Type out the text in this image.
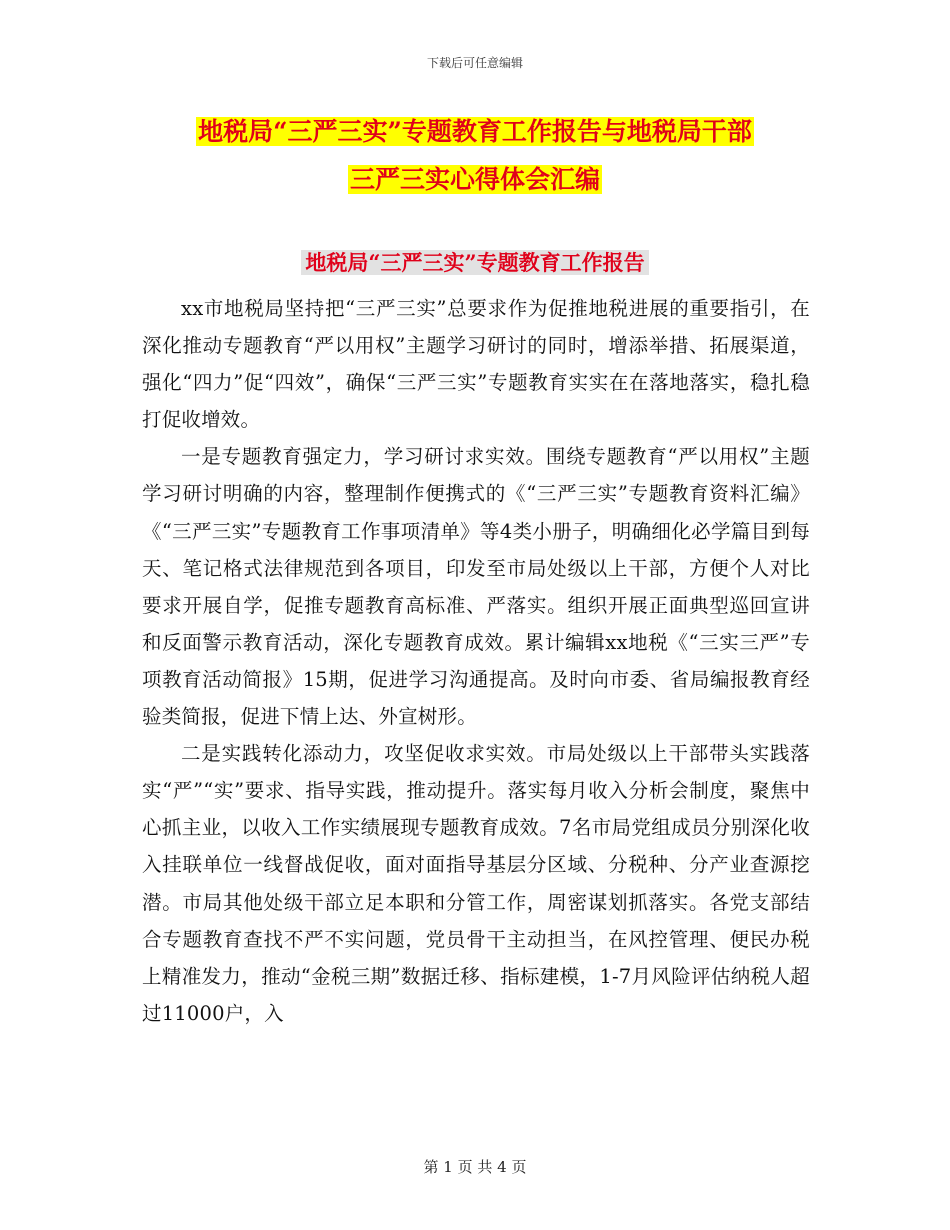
下载后可任意编辑
地税局“三严三实”专题教育工作报告与地税局干部
三严三实心得体会汇编
地税局“三严三实”专题教育工作报告

xx市地税局坚持把“三严三实”总要求作为促推地税进展的重要指引，在深化推动专题教育“严以用权”主题学习研讨的同时，增添举措、拓展渠道，强化“四力”促“四效”，确保“三严三实”专题教育实实在在落地落实，稳扎稳打促收增效。

一是专题教育强定力，学习研讨求实效。围绕专题教育“严以用权”主题学习研讨明确的内容，整理制作便携式的《“三严三实”专题教育资料汇编》《“三严三实”专题教育工作事项清单》等4类小册子，明确细化必学篇目到每天、笔记格式法律规范到各项目，印发至市局处级以上干部，方便个人对比要求开展自学，促推专题教育高标准、严落实。组织开展正面典型巡回宣讲和反面警示教育活动，深化专题教育成效。累计编辑xx地税《“三实三严”专项教育活动简报》15期，促进学习沟通提高。及时向市委、省局编报教育经验类简报，促进下情上达、外宣树形。

二是实践转化添动力，攻坚促收求实效。市局处级以上干部带头实践落实“严”“实”要求、指导实践，推动提升。落实每月收入分析会制度，聚焦中心抓主业，以收入工作实绩展现专题教育成效。7名市局党组成员分别深化收入挂联单位一线督战促收，面对面指导基层分区域、分税种、分产业查源挖潜。市局其他处级干部立足本职和分管工作，周密谋划抓落实。各党支部结合专题教育查找不严不实问题，党员骨干主动担当，在风控管理、便民办税上精准发力，推动“金税三期”数据迁移、指标建模，1-7月风险评估纳税人超过11000户，入

第 1 页 共 4 页
